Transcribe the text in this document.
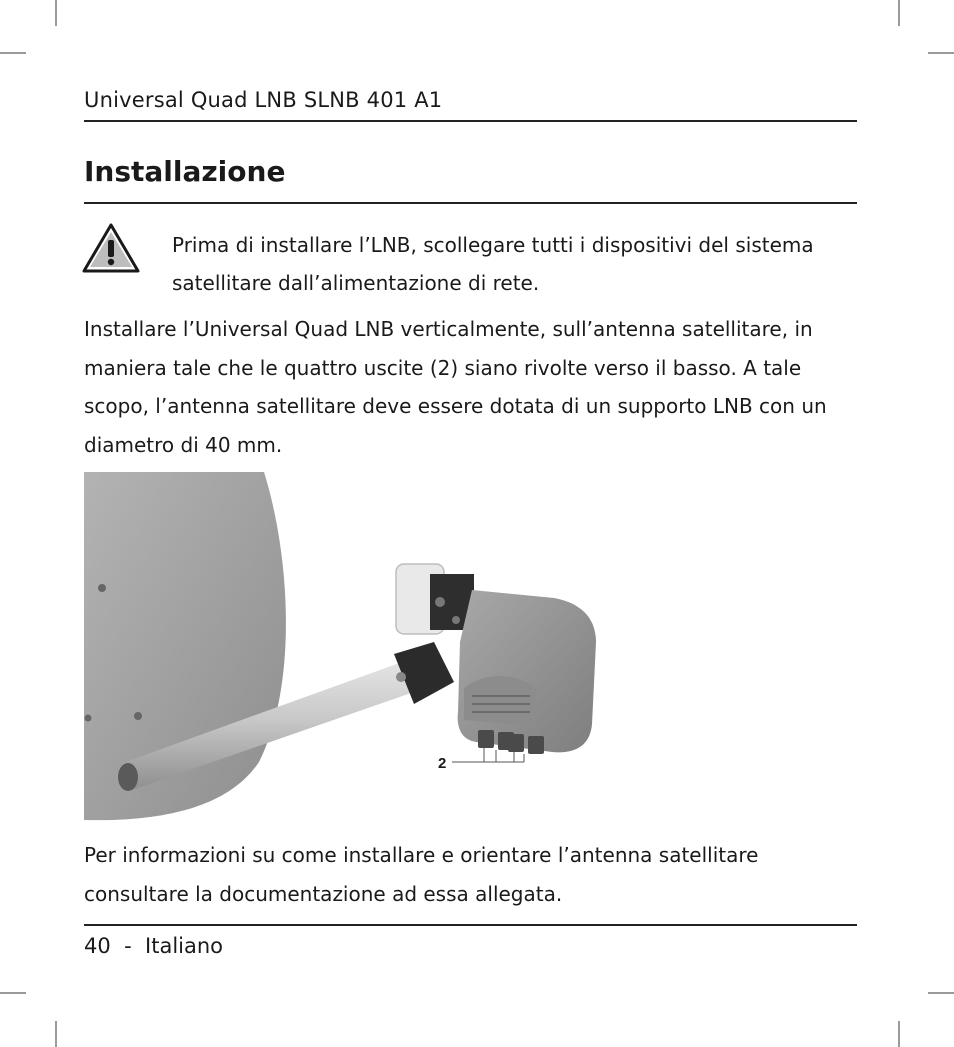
Universal Quad LNB SLNB 401 A1
Installazione
Prima di installare l’LNB, scollegare tutti i dispositivi del sistema satellitare dall’alimentazione di rete.

Installare l’Universal Quad LNB verticalmente, sull’antenna satellitare, in maniera tale che le quattro uscite (2) siano rivolte verso il basso. A tale scopo, l’antenna satellitare deve essere dotata di un supporto LNB con un diametro di 40 mm.

2

Per informazioni su come installare e orientare l’antenna satellitare consultare la documentazione ad essa allegata.

40 - Italiano
